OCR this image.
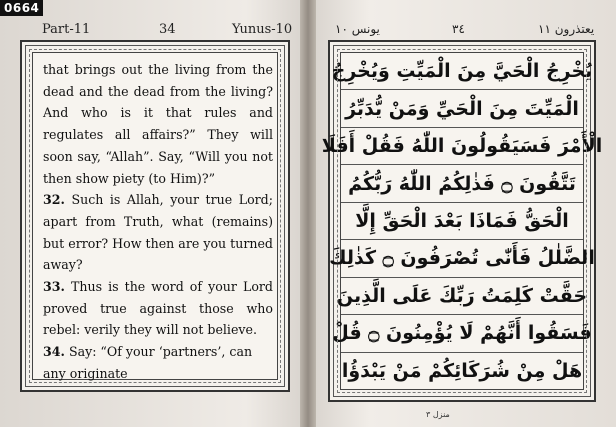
0664
Part-11	34	Yunus-10

that brings out the living from the dead and the dead from the living? And who is it that rules and regulates all affairs?” They will soon say, “Allah”. Say, “Will you not then show piety (to Him)?”

32. Such is Allah, your true Lord; apart from Truth, what (remains) but error? How then are you turned away?

33. Thus is the word of your Lord proved true against those who rebel: verily they will not believe.

34. Say: “Of your ‘partners’, can any originate

يعتذرون ١١
٣٤
يونس ١٠
يُخْرِجُ الْحَيَّ مِنَ الْمَيِّتِ وَيُخْرِجُ
الْمَيِّتَ مِنَ الْحَيِّ وَمَنْ يُّدَبِّرُ
الْأَمْرَ فَسَيَقُولُونَ اللّٰهُ فَقُلْ أَفَلَا
تَتَّقُونَ ۝ فَذٰلِكُمُ اللّٰهُ رَبُّكُمُ
الْحَقُّ فَمَاذَا بَعْدَ الْحَقِّ إِلَّا
الضَّلٰلُ فَأَنّٰى تُصْرَفُونَ ۝ كَذٰلِكَ
حَقَّتْ كَلِمَتُ رَبِّكَ عَلَى الَّذِينَ
فَسَقُوا أَنَّهُمْ لَا يُؤْمِنُونَ ۝ قُلْ
هَلْ مِنْ شُرَكَائِكُمْ مَنْ يَبْدَؤُا
منزل ٣
